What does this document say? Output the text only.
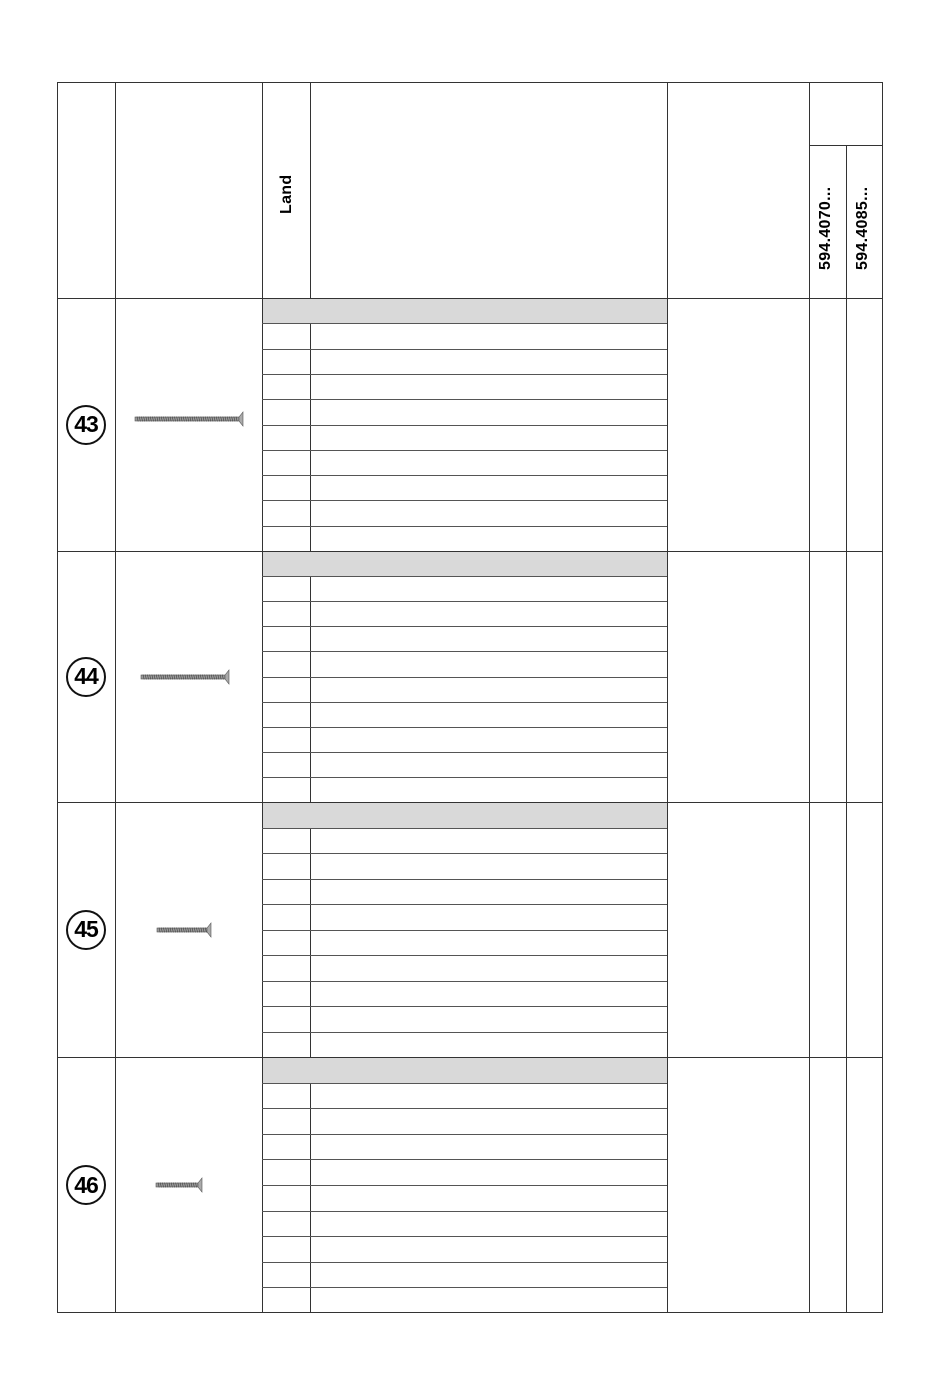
Land	594.4070... 594.4085...
43
44
45
46
